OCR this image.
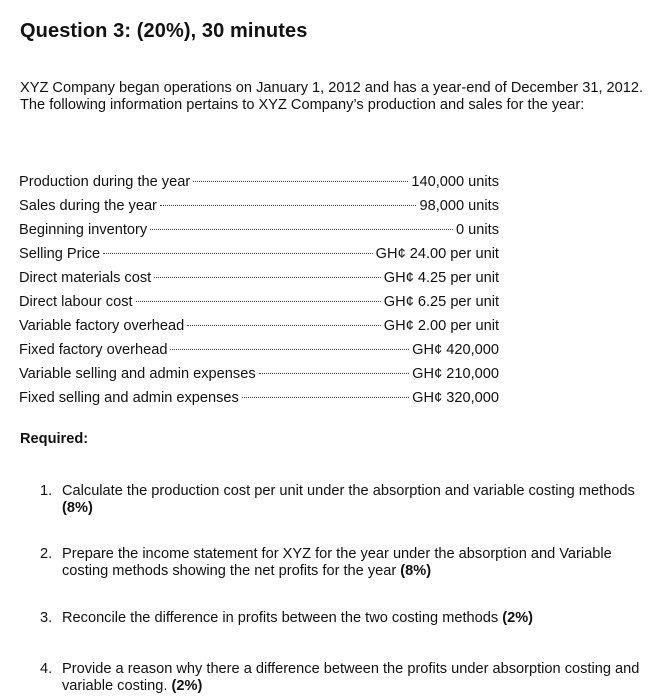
Question 3: (20%), 30 minutes
XYZ Company began operations on January 1, 2012 and has a year-end of December 31, 2012. The following information pertains to XYZ Company’s production and sales for the year:
Production during the year	140,000 units
Sales during the year	98,000 units
Beginning inventory	0 units
Selling Price	GH¢ 24.00 per unit
Direct materials cost	GH¢ 4.25 per unit
Direct labour cost	GH¢ 6.25 per unit
Variable factory overhead	GH¢ 2.00 per unit
Fixed factory overhead	GH¢ 420,000
Variable selling and admin expenses	GH¢ 210,000
Fixed selling and admin expenses	GH¢ 320,000
Required:
1. Calculate the production cost per unit under the absorption and variable costing methods (8%)
2. Prepare the income statement for XYZ for the year under the absorption and Variable costing methods showing the net profits for the year (8%)
3. Reconcile the difference in profits between the two costing methods (2%)
4. Provide a reason why there a difference between the profits under absorption costing and variable costing. (2%)
